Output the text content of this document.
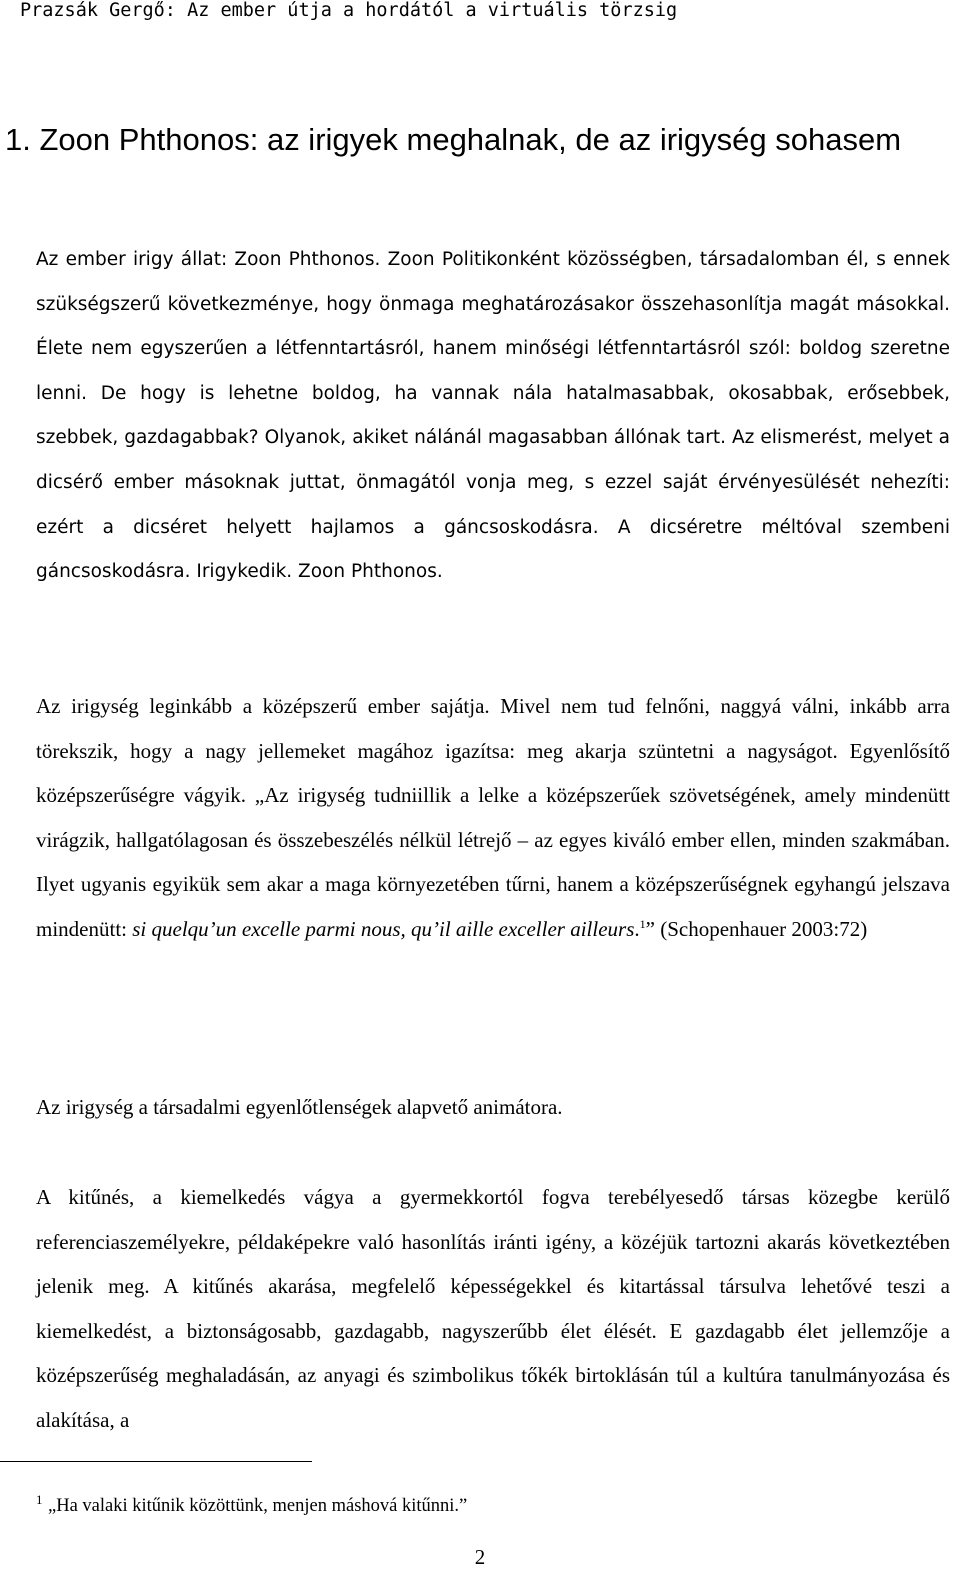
Prazsák Gergő: Az ember útja a hordától a virtuális törzsig
1. Zoon Phthonos: az irigyek meghalnak, de az irigység sohasem

Az ember irigy állat: Zoon Phthonos. Zoon Politikonként közösségben, társadalomban él, s ennek szükségszerű következménye, hogy önmaga meghatározásakor összehasonlítja magát másokkal. Élete nem egyszerűen a létfenntartásról, hanem minőségi létfenntartásról szól: boldog szeretne lenni. De hogy is lehetne boldog, ha vannak nála hatalmasabbak, okosabbak, erősebbek, szebbek, gazdagabbak? Olyanok, akiket nálánál magasabban állónak tart. Az elismerést, melyet a dicsérő ember másoknak juttat, önmagától vonja meg, s ezzel saját érvényesülését nehezíti: ezért a dicséret helyett hajlamos a gáncsoskodásra. A dicséretre méltóval szembeni gáncsoskodásra. Irigykedik. Zoon Phthonos.

Az irigység leginkább a középszerű ember sajátja. Mivel nem tud felnőni, naggyá válni, inkább arra törekszik, hogy a nagy jellemeket magához igazítsa: meg akarja szüntetni a nagyságot. Egyenlősítő középszerűségre vágyik. „Az irigység tudniillik a lelke a középszerűek szövetségének, amely mindenütt virágzik, hallgatólagosan és összebeszélés nélkül létrejő – az egyes kiváló ember ellen, minden szakmában. Ilyet ugyanis egyikük sem akar a maga környezetében tűrni, hanem a középszerűségnek egyhangú jelszava mindenütt: si quelqu’un excelle parmi nous, qu’il aille exceller ailleurs.$^1$” (Schopenhauer 2003:72)

Az irigység a társadalmi egyenlőtlenségek alapvető animátora.

A kitűnés, a kiemelkedés vágya a gyermekkortól fogva terebélyesedő társas közegbe kerülő referenciaszemélyekre, példaképekre való hasonlítás iránti igény, a közéjük tartozni akarás következtében jelenik meg. A kitűnés akarása, megfelelő képességekkel és kitartással társulva lehetővé teszi a kiemelkedést, a biztonságosabb, gazdagabb, nagyszerűbb élet élését. E gazdagabb élet jellemzője a középszerűség meghaladásán, az anyagi és szimbolikus tőkék birtoklásán túl a kultúra tanulmányozása és alakítása, a

1 „Ha valaki kitűnik közöttünk, menjen máshová kitűnni.”

2
